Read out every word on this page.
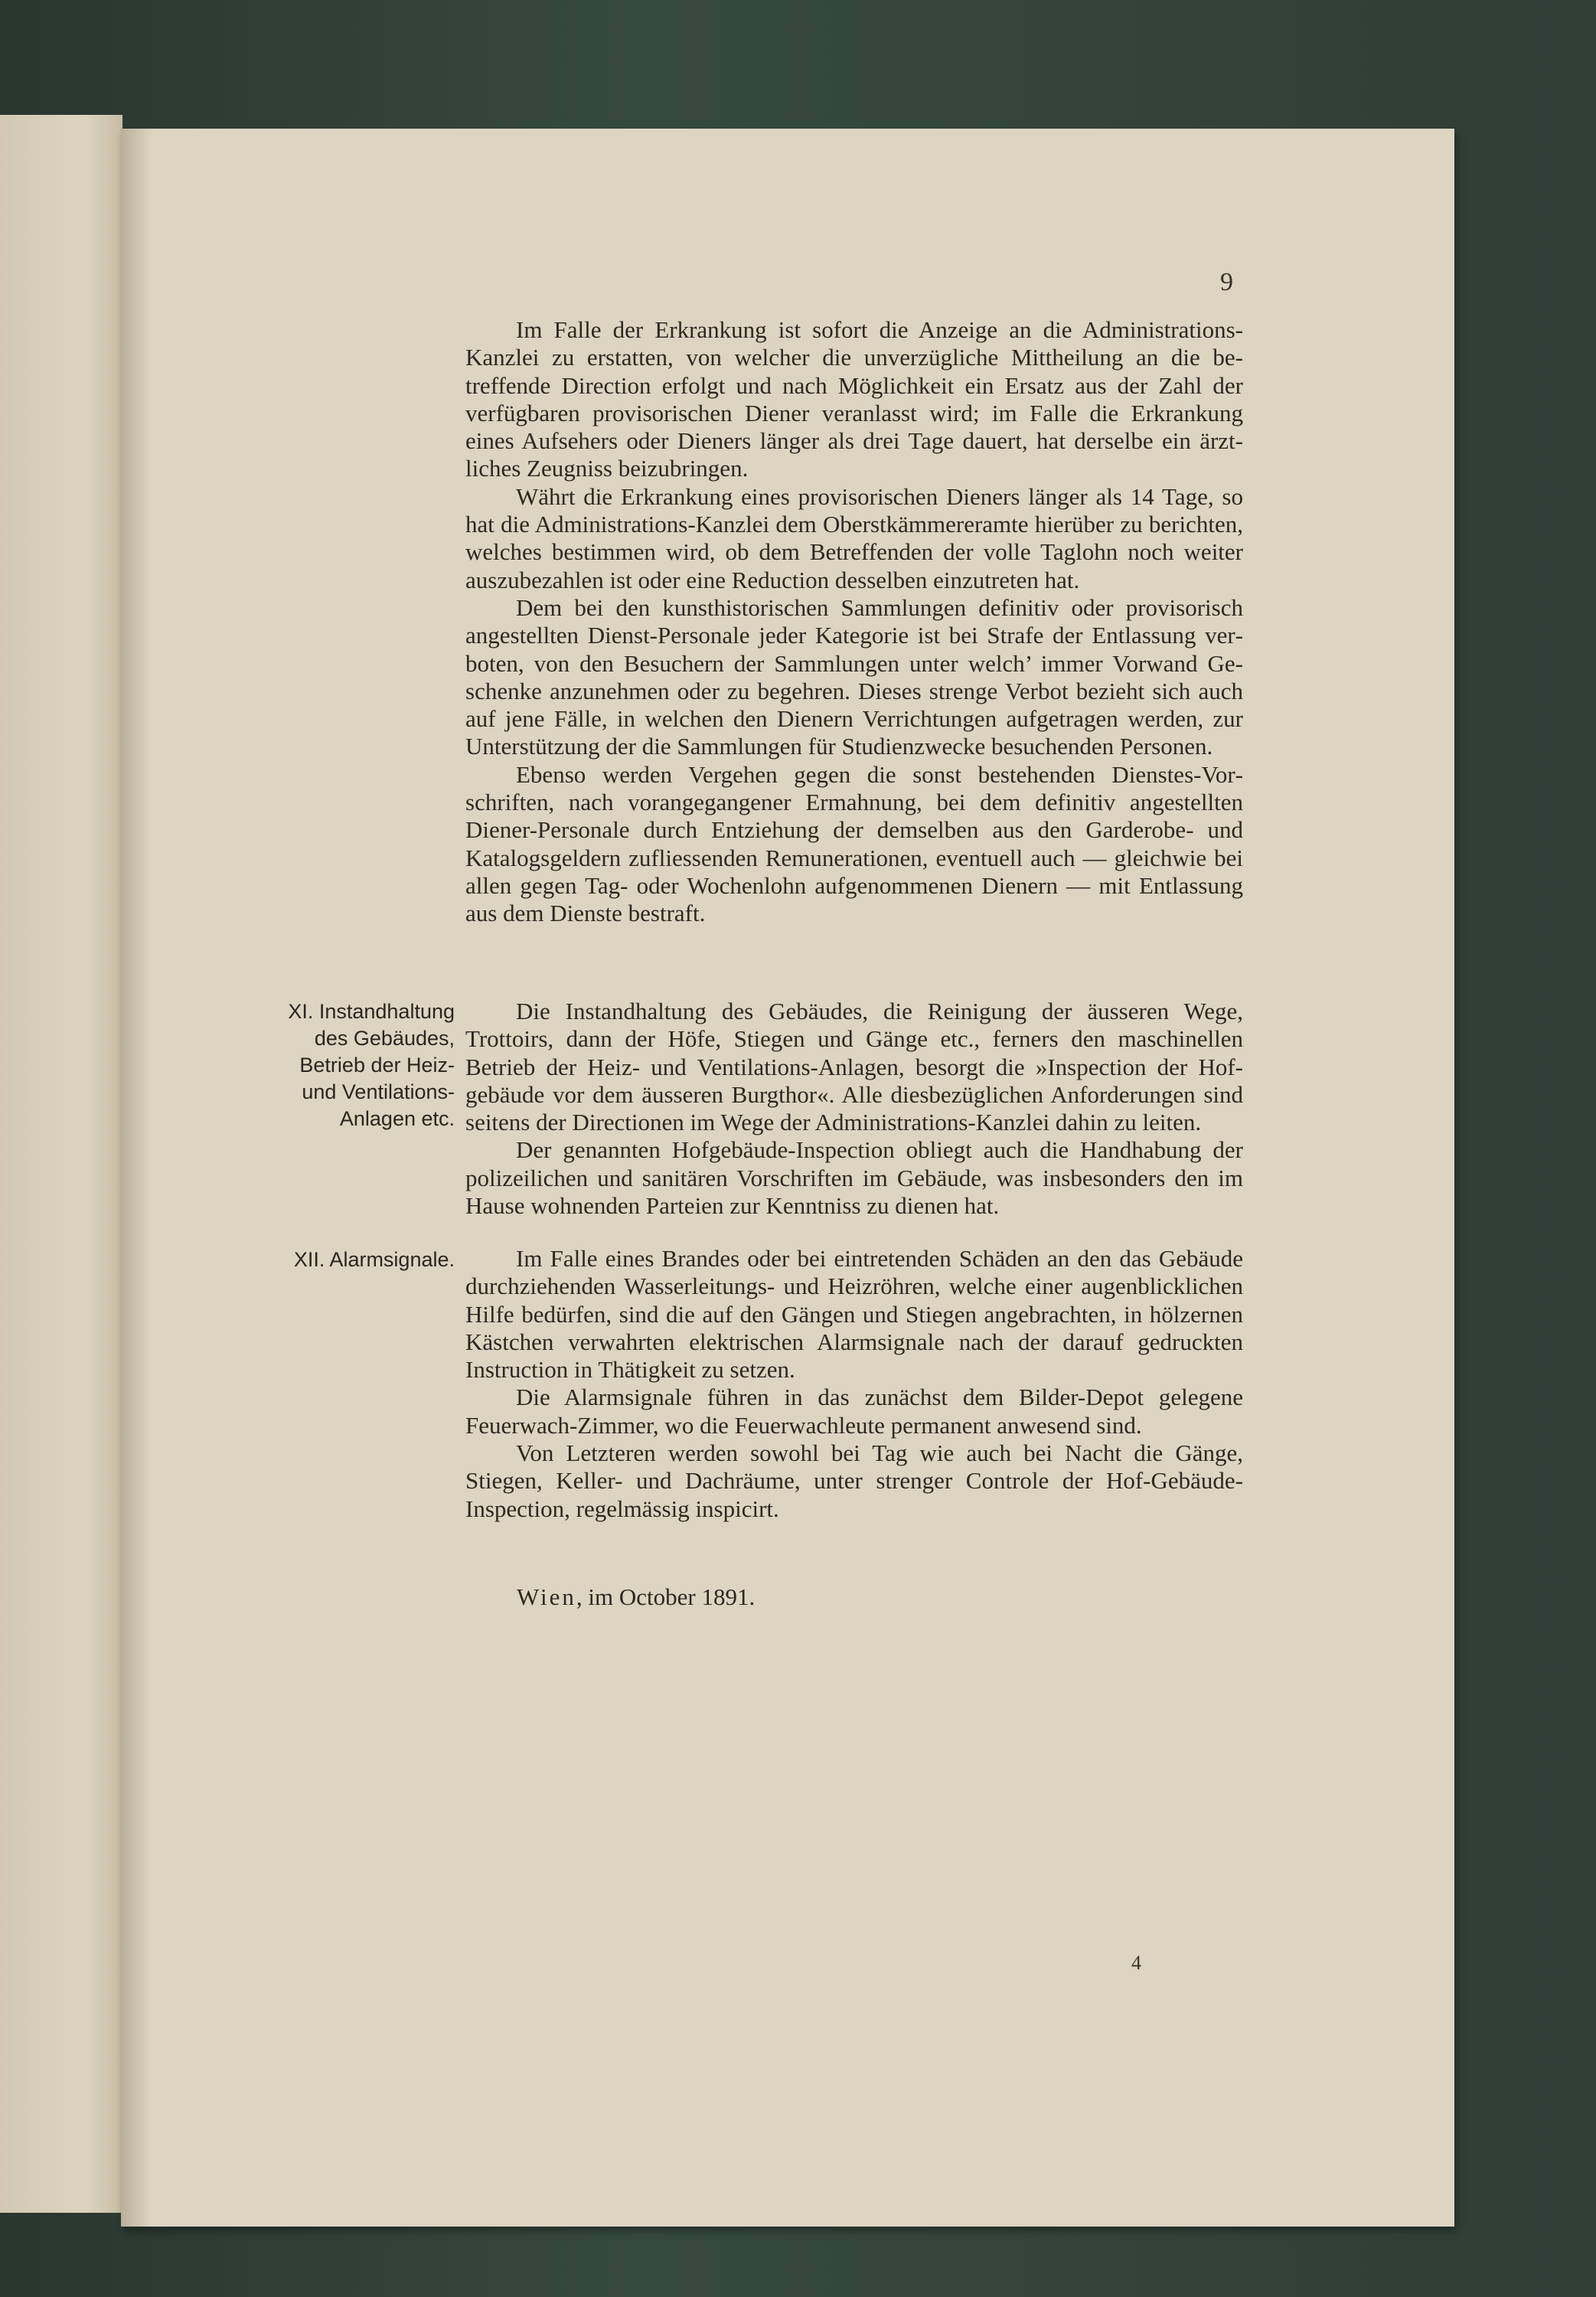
9

Im Falle der Erkrankung ist sofort die Anzeige an die Administrations-Kanzlei zu erstatten, von welcher die unverzügliche Mittheilung an die betreffende Direction erfolgt und nach Möglichkeit ein Ersatz aus der Zahl der verfügbaren provisorischen Diener veranlasst wird; im Falle die Erkrankung eines Aufsehers oder Dieners länger als drei Tage dauert, hat derselbe ein ärztliches Zeugniss beizubringen.

Währt die Erkrankung eines provisorischen Dieners länger als 14 Tage, so hat die Administrations-Kanzlei dem Oberstkämmereramte hierüber zu berichten, welches bestimmen wird, ob dem Betreffenden der volle Taglohn noch weiter auszubezahlen ist oder eine Reduction desselben einzutreten hat.

Dem bei den kunsthistorischen Sammlungen definitiv oder provisorisch angestellten Dienst-Personale jeder Kategorie ist bei Strafe der Entlassung verboten, von den Besuchern der Sammlungen unter welch’ immer Vorwand Geschenke anzunehmen oder zu begehren. Dieses strenge Verbot bezieht sich auch auf jene Fälle, in welchen den Dienern Verrichtungen aufgetragen werden, zur Unterstützung der die Sammlungen für Studienzwecke besuchenden Personen.

Ebenso werden Vergehen gegen die sonst bestehenden Dienstes-Vorschriften, nach vorangegangener Ermahnung, bei dem definitiv angestellten Diener-Personale durch Entziehung der demselben aus den Garderobe- und Katalogsgeldern zufliessenden Remunerationen, eventuell auch — gleichwie bei allen gegen Tag- oder Wochenlohn aufgenommenen Dienern — mit Entlassung aus dem Dienste bestraft.

XI. Instandhaltung
des Gebäudes,
Betrieb der Heiz-
und Ventilations-
Anlagen etc.

Die Instandhaltung des Gebäudes, die Reinigung der äusseren Wege, Trottoirs, dann der Höfe, Stiegen und Gänge etc., ferners den maschinellen Betrieb der Heiz- und Ventilations-Anlagen, besorgt die »Inspection der Hofgebäude vor dem äusseren Burgthor«. Alle diesbezüglichen Anforderungen sind seitens der Directionen im Wege der Administrations-Kanzlei dahin zu leiten.

Der genannten Hofgebäude-Inspection obliegt auch die Handhabung der polizeilichen und sanitären Vorschriften im Gebäude, was insbesonders den im Hause wohnenden Parteien zur Kenntniss zu dienen hat.

XII. Alarmsignale.	Im Falle eines Brandes oder bei eintretenden Schäden an den das Gebäude durchziehenden Wasserleitungs- und Heizröhren, welche einer augenblicklichen Hilfe bedürfen, sind die auf den Gängen und Stiegen angebrachten, in hölzernen Kästchen verwahrten elektrischen Alarmsignale nach der darauf gedruckten Instruction in Thätigkeit zu setzen.

Die Alarmsignale führen in das zunächst dem Bilder-Depot gelegene Feuerwach-Zimmer, wo die Feuerwachleute permanent anwesend sind.

Von Letzteren werden sowohl bei Tag wie auch bei Nacht die Gänge, Stiegen, Keller- und Dachräume, unter strenger Controle der Hof-Gebäude-Inspection, regelmässig inspicirt.

Wien, im October 1891.
4
